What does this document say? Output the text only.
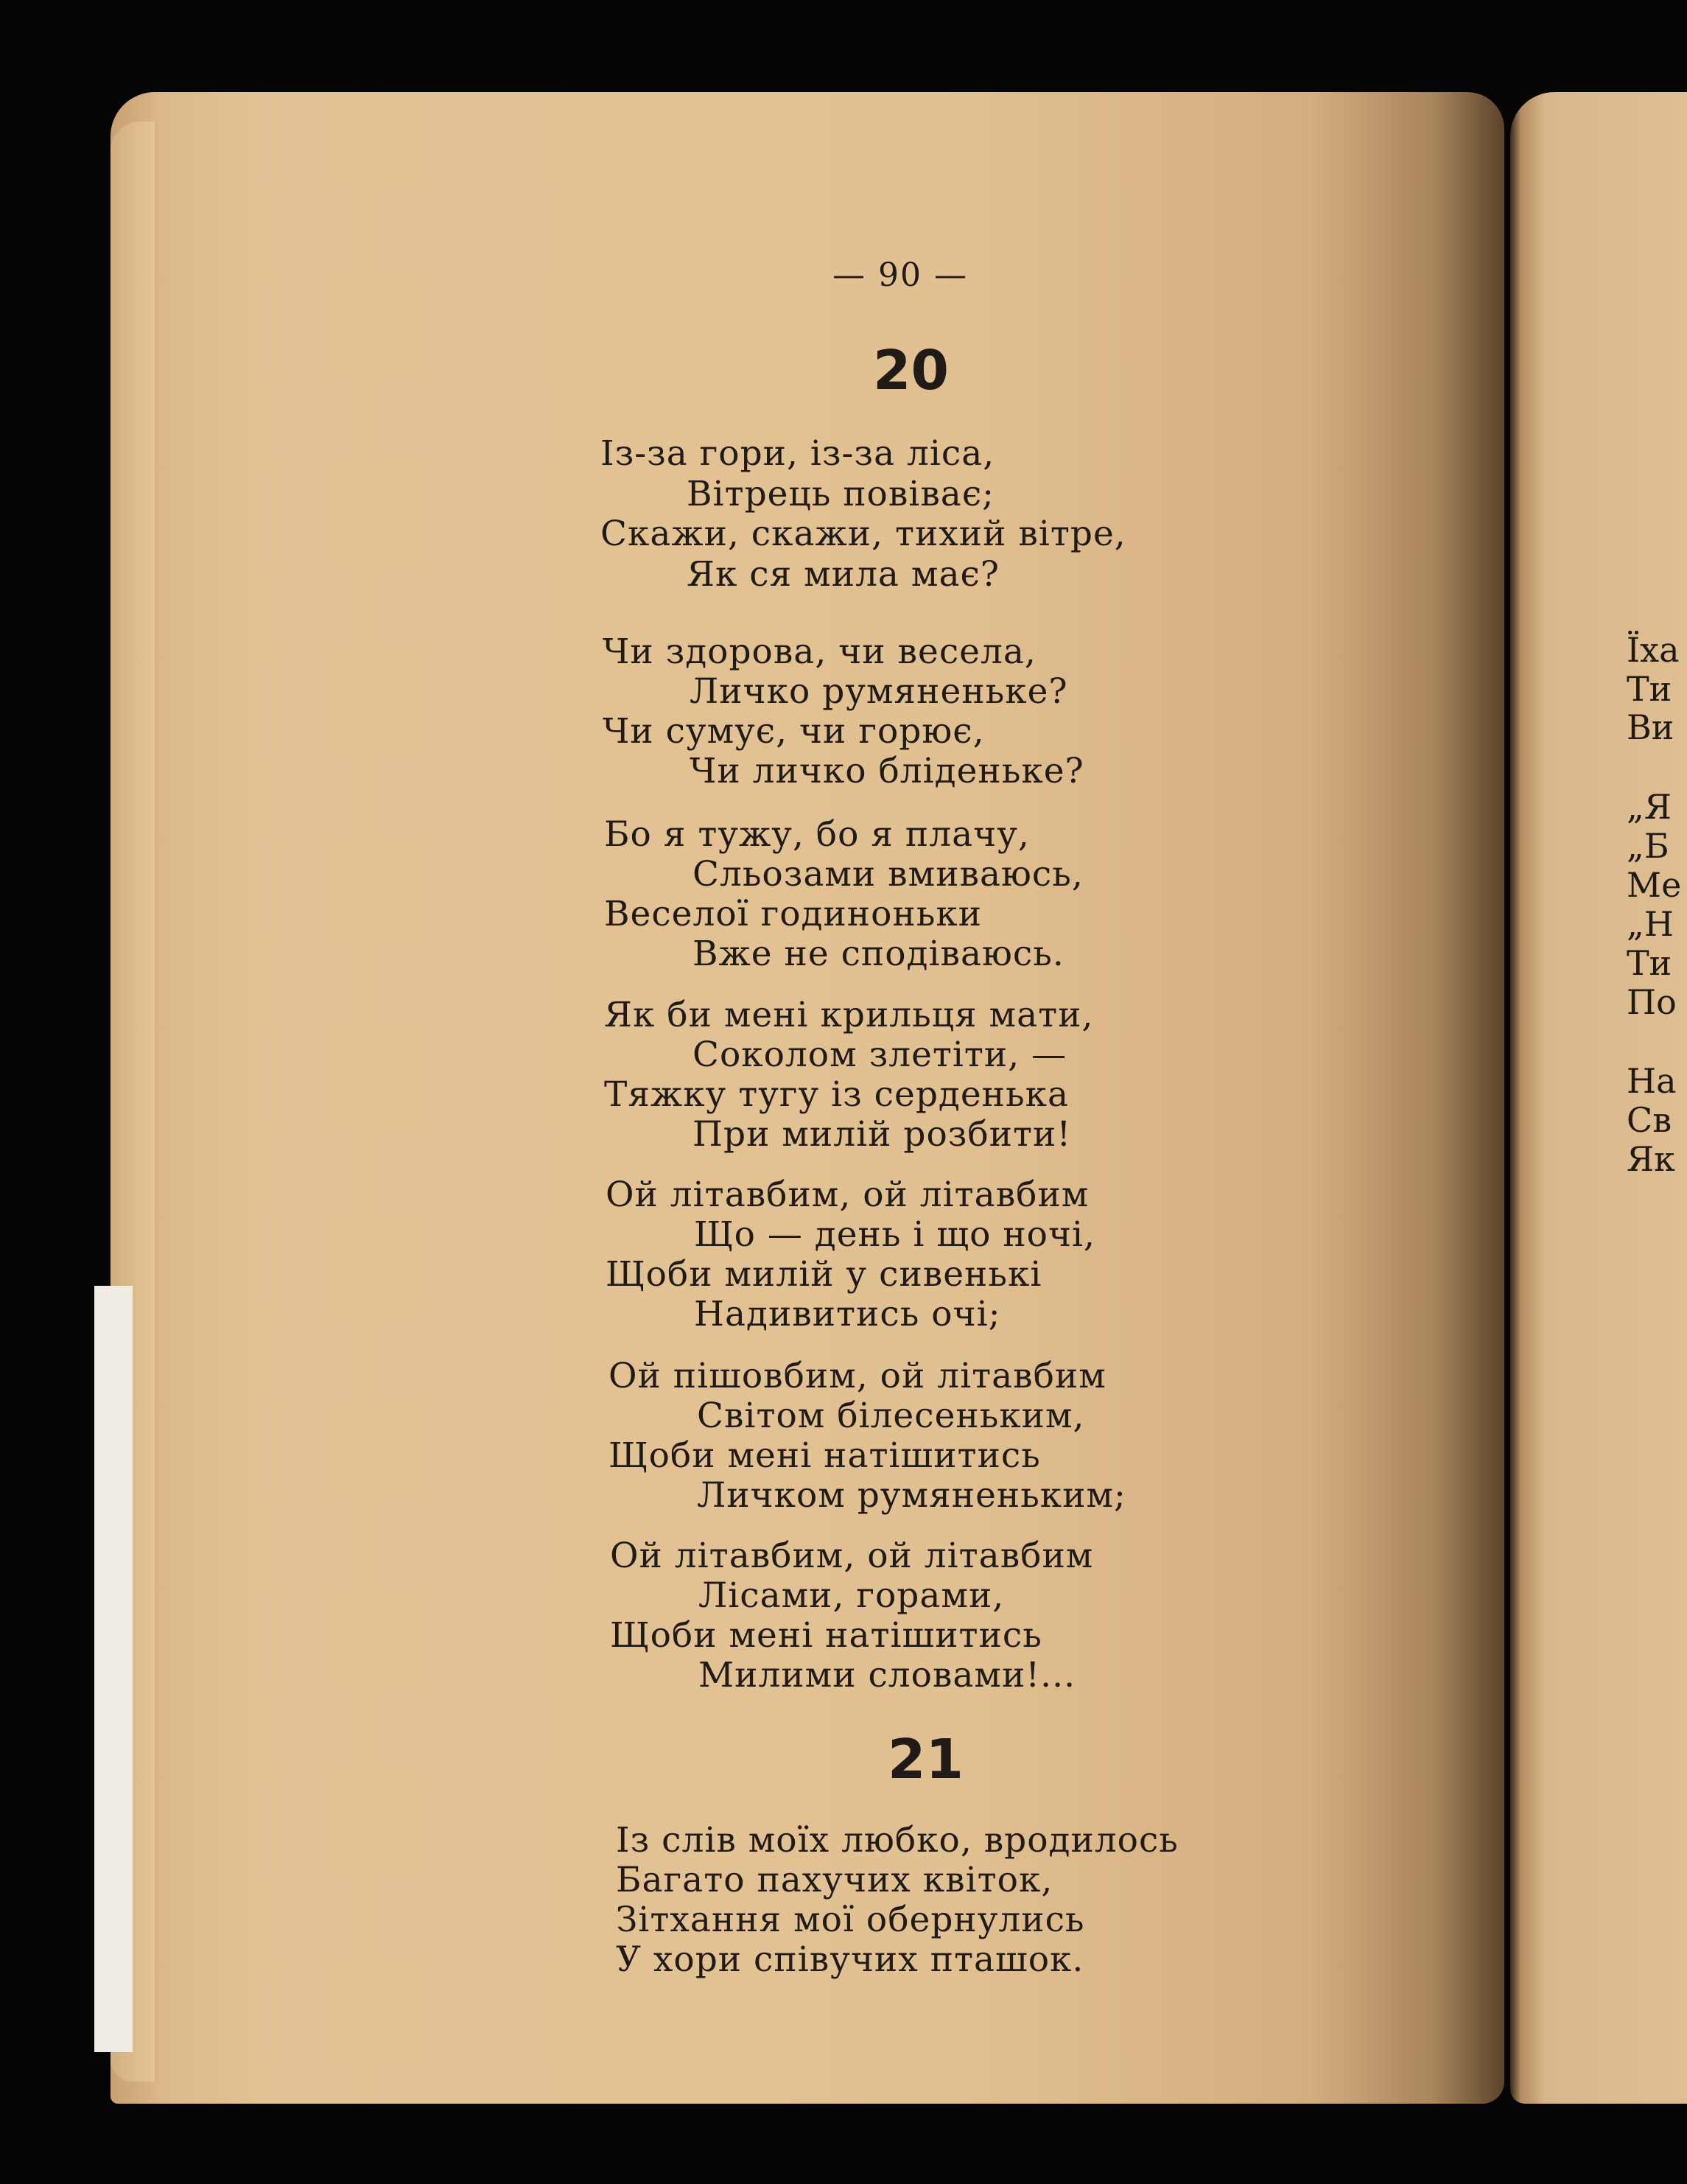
— 90 —
20
Із-за гори, із-за ліса,
Вітрець повіває;
Скажи, скажи, тихий вітре,
Як ся мила має?
Чи здорова, чи весела,
Личко румяненьке?
Чи сумує, чи горює,
Чи личко бліденьке?
Бо я тужу, бо я плачу,
Сльозами вмиваюсь,
Веселої годиноньки
Вже не сподіваюсь.
Як би мені крильця мати,
Соколом злетіти, —
Тяжку тугу із серденька
При милій розбити!
Ой літавбим, ой літавбим
Що — день і що ночі,
Щоби милій у сивенькі
Надивитись очі;
Ой пішовбим, ой літавбим
Світом білесеньким,
Щоби мені натішитись
Личком румяненьким;
Ой літавбим, ой літавбим
Лісами, горами,
Щоби мені натішитись
Милими словами!...
21
Із слів моїх любко, вродилось
Багато пахучих квіток,
Зітхання мої обернулись
У хори співучих пташок.
Їха
Ти
Ви
„Я
„Б
Ме
„Н
Ти
По
На
Св
Як
